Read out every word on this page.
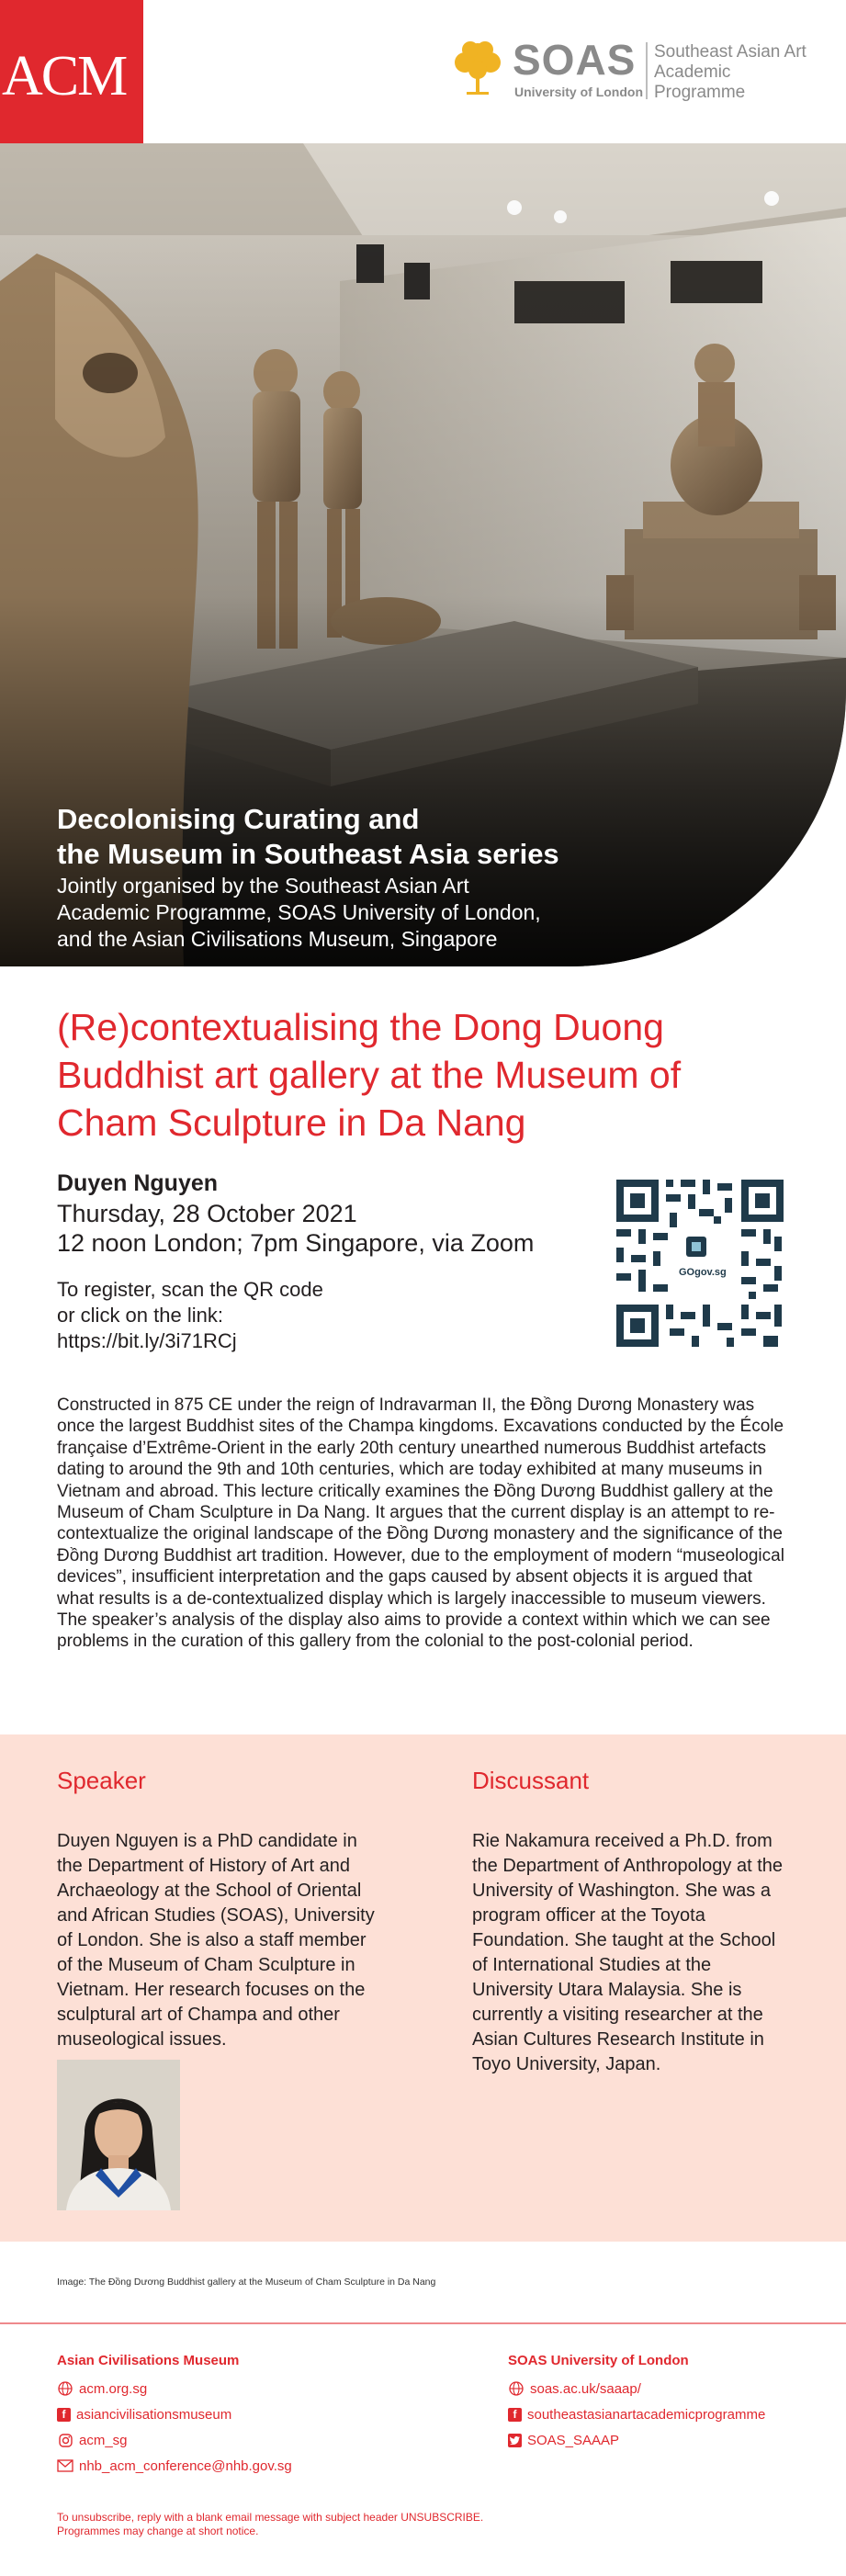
ACM	SOAS
University of London
Southeast Asian Art Academic Programme
Decolonising Curating and
the Museum in Southeast Asia series
Jointly organised by the Southeast Asian Art
Academic Programme, SOAS University of London,
and the Asian Civilisations Museum, Singapore
(Re)contextualising the Dong Duong
Buddhist art gallery at the Museum of
Cham Sculpture in Da Nang
Duyen Nguyen
Thursday, 28 October 2021
12 noon London; 7pm Singapore, via Zoom
To register, scan the QR code
or click on the link:
https://bit.ly/3i71RCj
GOgov.sg
Constructed in 875 CE under the reign of Indravarman II, the Đồng Dương Monastery was once the largest Buddhist sites of the Champa kingdoms. Excavations conducted by the École française d’Extrême-Orient in the early 20th century unearthed numerous Buddhist artefacts dating to around the 9th and 10th centuries, which are today exhibited at many museums in Vietnam and abroad. This lecture critically examines the Đồng Dương Buddhist gallery at the Museum of Cham Sculpture in Da Nang. It argues that the current display is an attempt to re-contextualize the original landscape of the Đồng Dương monastery and the significance of the Đồng Dương Buddhist art tradition. However, due to the employment of modern “museological devices”, insufficient interpretation and the gaps caused by absent objects it is argued that what results is a de-contextualized display which is largely inaccessible to museum viewers. The speaker’s analysis of the display also aims to provide a context within which we can see problems in the curation of this gallery from the colonial to the post-colonial period.
Speaker
Duyen Nguyen is a PhD candidate in the Department of History of Art and Archaeology at the School of Oriental and African Studies (SOAS), University of London. She is also a staff member of the Museum of Cham Sculpture in Vietnam. Her research focuses on the sculptural art of Champa and other museological issues.
Discussant
Rie Nakamura received a Ph.D. from the Department of Anthropology at the University of Washington. She was a program officer at the Toyota Foundation. She taught at the School of International Studies at the University Utara Malaysia. She is currently a visiting researcher at the Asian Cultures Research Institute in Toyo University, Japan.
Image: The Đồng Dương Buddhist gallery at the Museum of Cham Sculpture in Da Nang
Asian Civilisations Museum
acm.org.sg
f asiancivilisationsmuseum
acm_sg
nhb_acm_conference@nhb.gov.sg
SOAS University of London
soas.ac.uk/saaap/
f southeastasianartacademicprogramme
SOAS_SAAAP
To unsubscribe, reply with a blank email message with subject header UNSUBSCRIBE.
Programmes may change at short notice.
